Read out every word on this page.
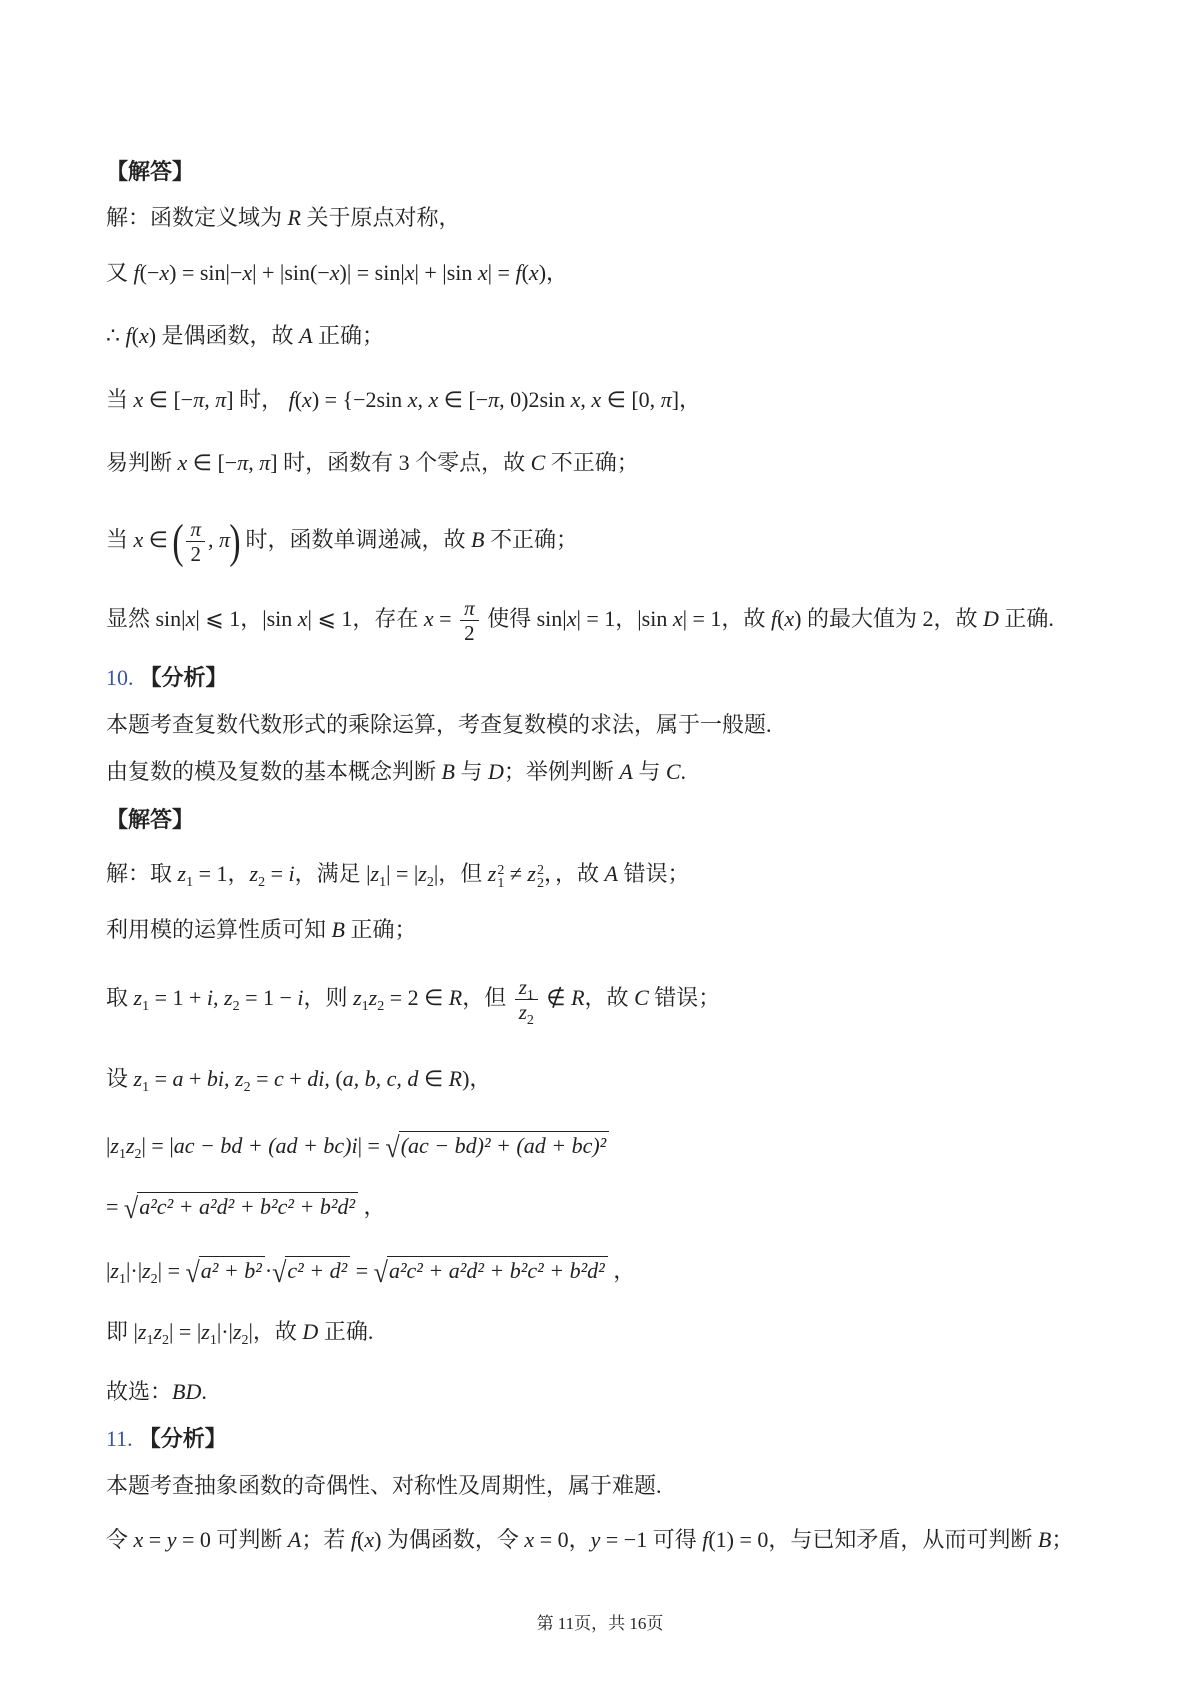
【解答】
解：函数定义域为 R 关于原点对称，
又 f(−x) = sin|−x| + |sin(−x)| = sin|x| + |sin x| = f(x)，
∴ f(x) 是偶函数，故 A 正确；
当 x ∈ [−π, π] 时， f(x) = {−2sin x, x ∈ [−π, 0)2sin x, x ∈ [0, π]，
易判断 x ∈ [−π, π] 时，函数有 3 个零点，故 C 不正确；
当 x ∈ ( $\frac{\pi}{2}$ , π) 时，函数单调递减，故 B 不正确；
显然 sin|x| ⩽ 1，|sin x| ⩽ 1，存在 $x = \frac{\pi}{2}$ 使得 sin|x| = 1，|sin x| = 1，故 f(x) 的最大值为 2，故 D 正确.
10. 【分析】
本题考查复数代数形式的乘除运算，考查复数模的求法，属于一般题.
由复数的模及复数的基本概念判断 B 与 D；举例判断 A 与 C.
【解答】
解：取 $z_1 = 1$，$z_2 = i$，满足 $|z_1| = |z_2|$，但 z 2
1 ≠ z 2
2 ，，故 A 错误；
利用模的运算性质可知 B 正确；
取 $z_1 = 1 + i$, $z_2 = 1 - i$，则 $z_1z_2 = 2$ ∈ R，但 $\frac{z_1}{z_2}$ ∉ R，故 C 错误；
设 $z_1 = a$ + bi, $z_2 = c$ + di, (a, b, c, d ∈ R)，
$|z_1z_2| = |ac$ − bd + (ad + bc)i| = √(ac − bd)² + (ad + bc)²
= √a²c² + a²d² + b²c² + b²d² ，
$|z_1|\cdot|z_2| = √a^2 + b^2 \cdot√c^2 + d^2 = √a^2c^2 + a^2d^2 + b^2c^2 + b^2d^2$ ，
即 $|z_1z_2| = |z_1|\cdot|z_2|$，故 D 正确.
故选：BD.
11. 【分析】
本题考查抽象函数的奇偶性、对称性及周期性，属于难题.
令 x = y = 0 可判断 A；若 f(x) 为偶函数，令 x = 0，y = −1 可得 f(1) = 0，与已知矛盾，从而可判断 B；
第 11页，共 16页
